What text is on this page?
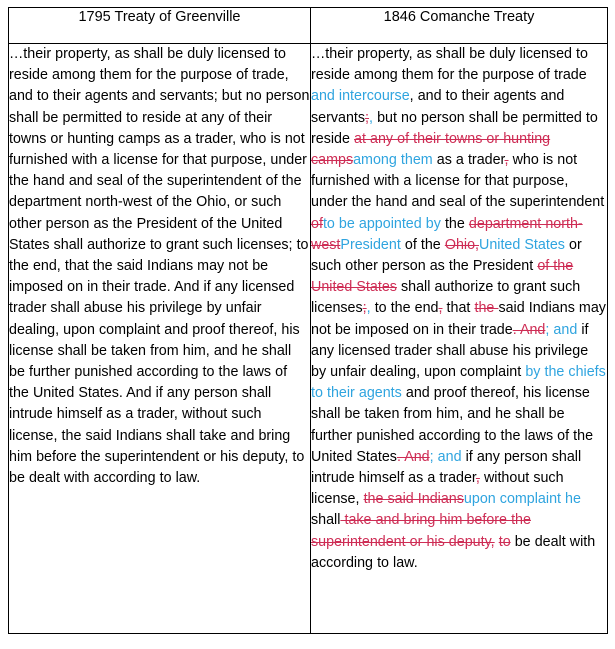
1795 Treaty of Greenville	1846 Comanche Treaty

…their property, as shall be duly licensed to reside among them for the purpose of trade, and to their agents and servants; but no person shall be permitted to reside at any of their towns or hunting camps as a trader, who is not furnished with a license for that purpose, under the hand and seal of the superintendent of the department north-west of the Ohio, or such other person as the President of the United States shall authorize to grant such licenses; to the end, that the said Indians may not be imposed on in their trade. And if any licensed trader shall abuse his privilege by unfair dealing, upon complaint and proof thereof, his license shall be taken from him, and he shall be further punished according to the laws of the United States. And if any person shall intrude himself as a trader, without such license, the said Indians shall take and bring him before the superintendent or his deputy, to be dealt with according to law.

…their property, as shall be duly licensed to reside among them for the purpose of trade and intercourse, and to their agents and servants;, but no person shall be permitted to reside at any of their towns or hunting campsamong them as a trader, who is not furnished with a license for that purpose, under the hand and seal of the superintendent ofto be appointed by the department north-westPresident of the Ohio,United States or such other person as the President of the United States shall authorize to grant such licenses;, to the end, that the said Indians may not be imposed on in their trade. And; and if any licensed trader shall abuse his privilege by unfair dealing, upon complaint by the chiefs to their agents and proof thereof, his license shall be taken from him, and he shall be further punished according to the laws of the United States. And; and if any person shall intrude himself as a trader, without such license, the said Indiansupon complaint he shall take and bring him before the superintendent or his deputy, to be dealt with according to law.
